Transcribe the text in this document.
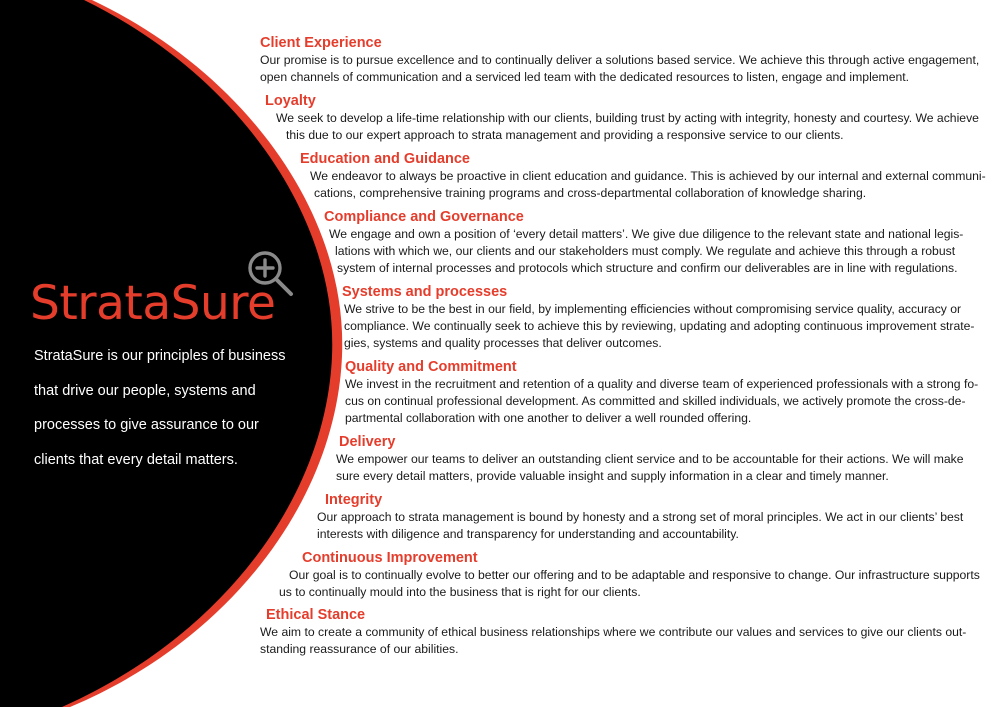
StrataSure
StrataSure is our principles of business
that drive our people, systems and
processes to give assurance to our
clients that every detail matters.
Client Experience
Our promise is to pursue excellence and to continually deliver a solutions based service. We achieve this through active engagement,
open channels of communication and a serviced led team with the dedicated resources to listen, engage and implement.
Loyalty
We seek to develop a life-time relationship with our clients, building trust by acting with integrity, honesty and courtesy. We achieve
this due to our expert approach to strata management and providing a responsive service to our clients.
Education and Guidance
We endeavor to always be proactive in client education and guidance. This is achieved by our internal and external communi-
cations, comprehensive training programs and cross-departmental collaboration of knowledge sharing.
Compliance and Governance
We engage and own a position of ‘every detail matters’. We give due diligence to the relevant state and national legis-
lations with which we, our clients and our stakeholders must comply. We regulate and achieve this through a robust
system of internal processes and protocols which structure and confirm our deliverables are in line with regulations.
Systems and processes
We strive to be the best in our field, by implementing efficiencies without compromising service quality, accuracy or
compliance. We continually seek to achieve this by reviewing, updating and adopting continuous improvement strate-
gies, systems and quality processes that deliver outcomes.
Quality and Commitment
We invest in the recruitment and retention of a quality and diverse team of experienced professionals with a strong fo-
cus on continual professional development. As committed and skilled individuals, we actively promote the cross-de-
partmental collaboration with one another to deliver a well rounded offering.
Delivery
We empower our teams to deliver an outstanding client service and to be accountable for their actions. We will make
sure every detail matters, provide valuable insight and supply information in a clear and timely manner.
Integrity
Our approach to strata management is bound by honesty and a strong set of moral principles. We act in our clients’ best
interests with diligence and transparency for understanding and accountability.
Continuous Improvement
Our goal is to continually evolve to better our offering and to be adaptable and responsive to change. Our infrastructure supports
us to continually mould into the business that is right for our clients.
Ethical Stance
We aim to create a community of ethical business relationships where we contribute our values and services to give our clients out-
standing reassurance of our abilities.
